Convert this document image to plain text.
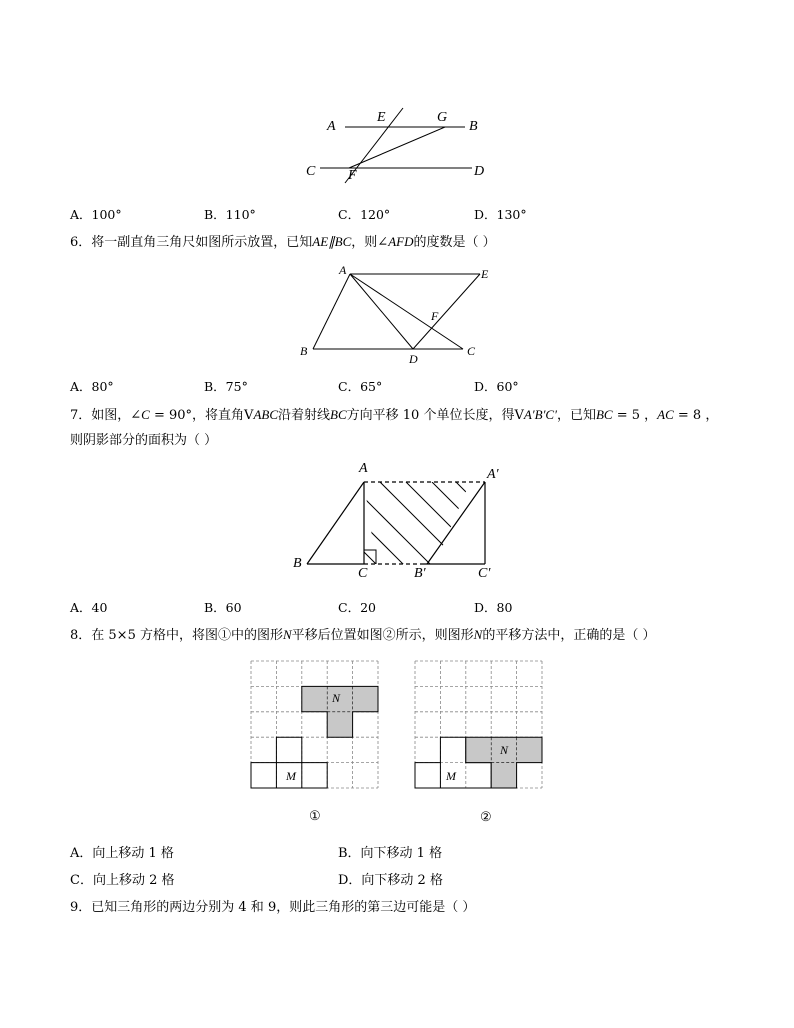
A
E	G
B
C F	D
A．100°	B．110°	C．120°	D．130°
6．将一副直角三角尺如图所示放置，已知AE∥BC，则∠AFD的度数是（ ）
A	E
F
B
D
C
A．80°	B．75°	C．65°	D．60°
7．如图，∠C = 90°，将直角VABC沿着射线BC方向平移 10 个单位长度，得VA′B′C′，已知BC = 5 ，AC = 8 ，
则阴影部分的面积为（ ）
A	A′
B
C	B′	C′
A．40	B．60	C．20	D．80
8．在 5×5 方格中，将图①中的图形N平移后位置如图②所示，则图形N的平移方法中，正确的是（ ）
N
M
①
N
M
②
A．向上移动 1 格	B．向下移动 1 格
C．向上移动 2 格	D．向下移动 2 格
9．已知三角形的两边分别为 4 和 9，则此三角形的第三边可能是（ ）
